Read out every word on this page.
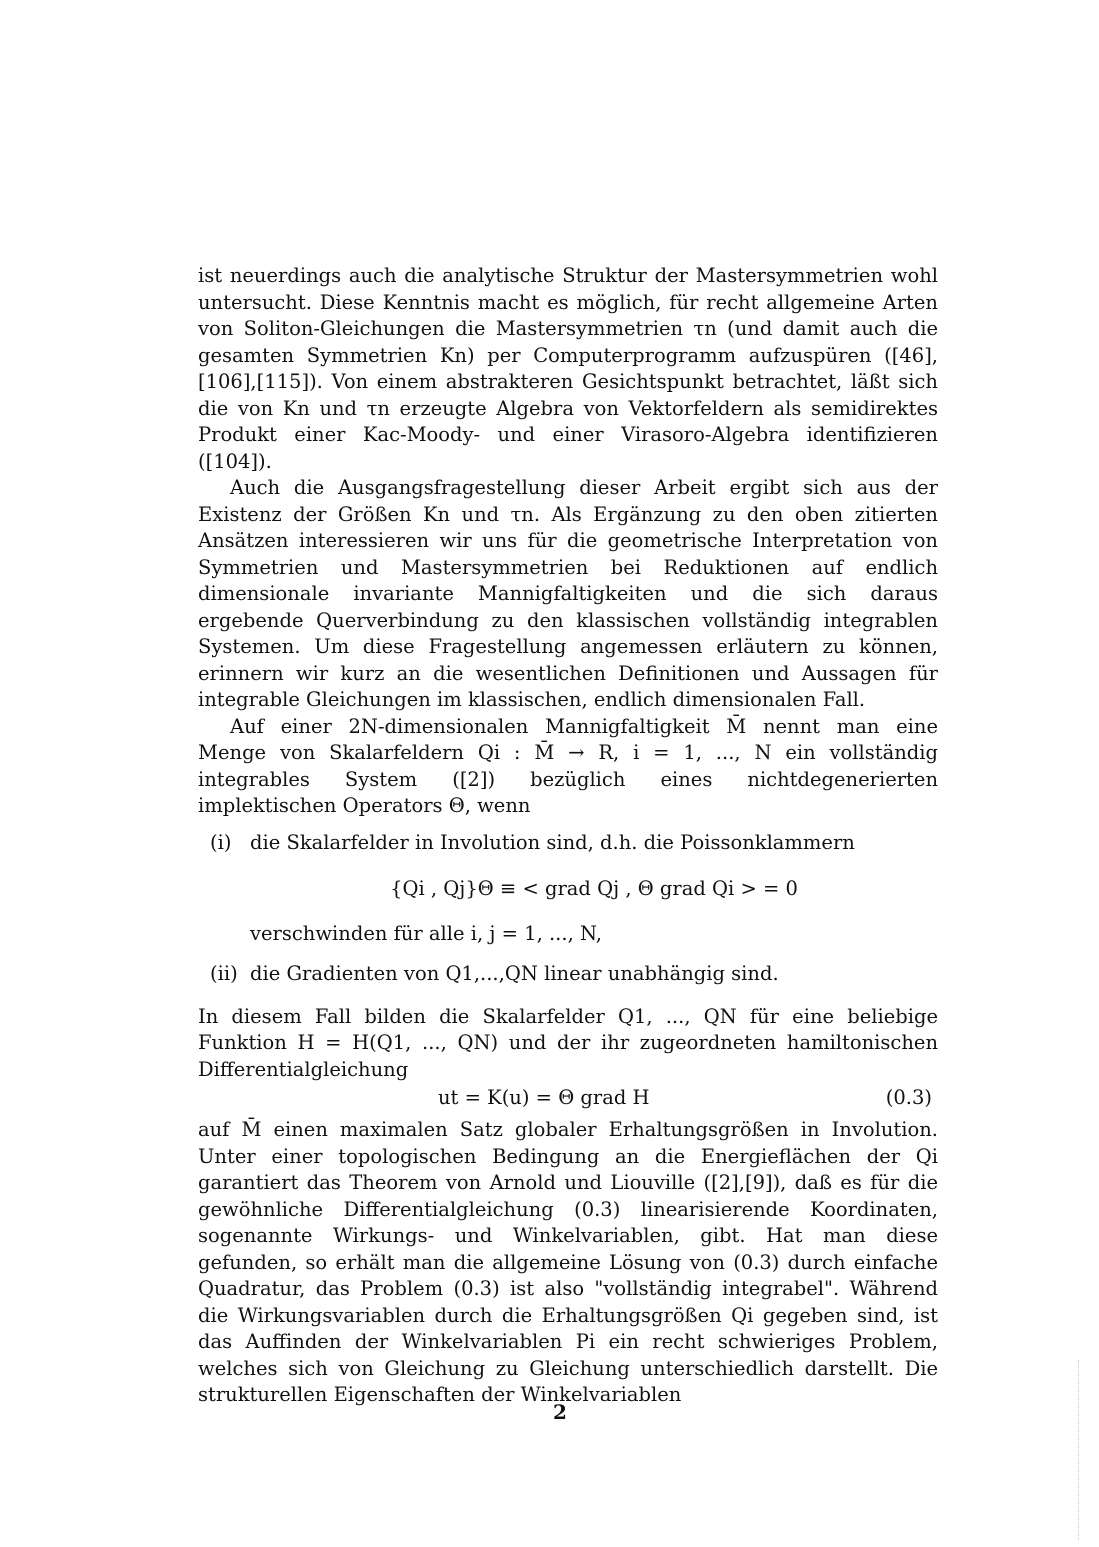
ist neuerdings auch die analytische Struktur der Mastersymmetrien wohl untersucht. Diese Kenntnis macht es möglich, für recht allgemeine Arten von Soliton-Gleichungen die Mastersymmetrien τn (und damit auch die gesamten Symmetrien Kn) per Computerprogramm aufzuspüren ([46],[106],[115]). Von einem abstrakteren Gesichtspunkt betrachtet, läßt sich die von Kn und τn erzeugte Algebra von Vektorfeldern als semidirektes Produkt einer Kac-Moody- und einer Virasoro-Algebra identifizieren ([104]).

Auch die Ausgangsfragestellung dieser Arbeit ergibt sich aus der Existenz der Größen Kn und τn. Als Ergänzung zu den oben zitierten Ansätzen interessieren wir uns für die geometrische Interpretation von Symmetrien und Mastersymmetrien bei Reduktionen auf endlich dimensionale invariante Mannigfaltigkeiten und die sich daraus ergebende Querverbindung zu den klassischen vollständig integrablen Systemen. Um diese Fragestellung angemessen erläutern zu können, erinnern wir kurz an die wesentlichen Definitionen und Aussagen für integrable Gleichungen im klassischen, endlich dimensionalen Fall.

Auf einer 2N-dimensionalen Mannigfaltigkeit M̄ nennt man eine Menge von Skalarfeldern Qi : M̄ → R, i = 1, ..., N ein vollständig integrables System ([2]) bezüglich eines nichtdegenerierten implektischen Operators Θ, wenn

(i) die Skalarfelder in Involution sind, d.h. die Poissonklammern
{Qi , Qj}Θ ≡ < grad Qj , Θ grad Qi > = 0
verschwinden für alle i, j = 1, ..., N,
(ii) die Gradienten von Q1,...,QN linear unabhängig sind.

In diesem Fall bilden die Skalarfelder Q1, ..., QN für eine beliebige Funktion H = H(Q1, ..., QN) und der ihr zugeordneten hamiltonischen Differentialgleichung

ut = K(u) = Θ grad H	(0.3)

auf M̄ einen maximalen Satz globaler Erhaltungsgrößen in Involution. Unter einer topologischen Bedingung an die Energieflächen der Qi garantiert das Theorem von Arnold und Liouville ([2],[9]), daß es für die gewöhnliche Differentialgleichung (0.3) linearisierende Koordinaten, sogenannte Wirkungs- und Winkelvariablen, gibt. Hat man diese gefunden, so erhält man die allgemeine Lösung von (0.3) durch einfache Quadratur, das Problem (0.3) ist also "vollständig integrabel". Während die Wirkungsvariablen durch die Erhaltungsgrößen Qi gegeben sind, ist das Auffinden der Winkelvariablen Pi ein recht schwieriges Problem, welches sich von Gleichung zu Gleichung unterschiedlich darstellt. Die strukturellen Eigenschaften der Winkelvariablen

2
